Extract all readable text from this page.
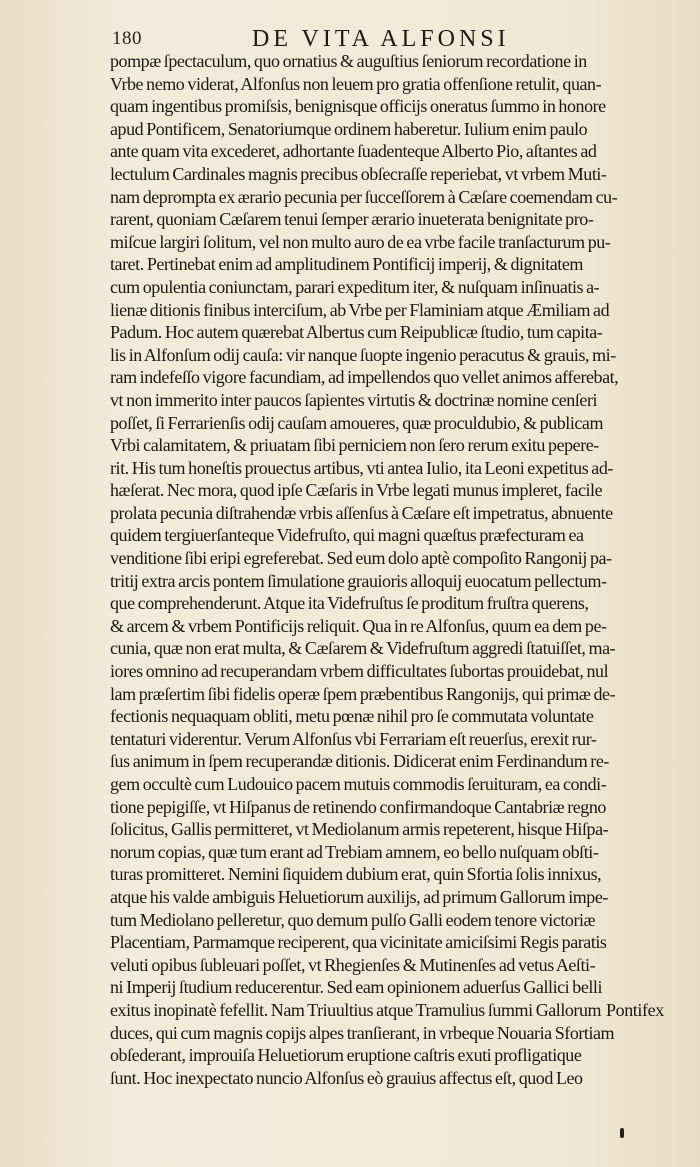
180	DE VITA ALFONSI
pompæ ſpectaculum, quo ornatius & auguſtius ſeniorum recordatione in
Vrbe nemo viderat, Alfonſus non leuem pro gratia offenſione retulit, quan-
quam ingentibus promiſsis, benignisque officijs oneratus ſummo in honore
apud Pontificem, Senatoriumque ordinem haberetur. Iulium enim paulo
ante quam vita excederet, adhortante ſuadenteque Alberto Pio, aſtantes ad
lectulum Cardinales magnis precibus obſecraſſe reperiebat, vt vrbem Muti-
nam deprompta ex ærario pecunia per ſucceſſorem à Cæſare coemendam cu-
rarent, quoniam Cæſarem tenui ſemper ærario inueterata benignitate pro-
miſcue largiri ſolitum, vel non multo auro de ea vrbe facile tranſacturum pu-
taret. Pertinebat enim ad amplitudinem Pontificij imperij, & dignitatem
cum opulentia coniunctam, parari expeditum iter, & nuſquam inſinuatis a-
lienæ ditionis finibus interciſum, ab Vrbe per Flaminiam atque Æmiliam ad
Padum. Hoc autem quærebat Albertus cum Reipublicæ ſtudio, tum capita-
lis in Alfonſum odij cauſa: vir nanque ſuopte ingenio peracutus & grauis, mi-
ram indefeſſo vigore facundiam, ad impellendos quo vellet animos afferebat,
vt non immerito inter paucos ſapientes virtutis & doctrinæ nomine cenſeri
poſſet, ſi Ferrarienſis odij cauſam amoueres, quæ proculdubio, & publicam
Vrbi calamitatem, & priuatam ſibi perniciem non ſero rerum exitu pepere-
rit. His tum honeſtis prouectus artibus, vti antea Iulio, ita Leoni expetitus ad-
hæſerat. Nec mora, quod ipſe Cæſaris in Vrbe legati munus impleret, facile
prolata pecunia diſtrahendæ vrbis aſſenſus à Cæſare eſt impetratus, abnuente
quidem tergiuerſanteque Videfruſto, qui magni quæſtus præfecturam ea
venditione ſibi eripi egreferebat. Sed eum dolo aptè compoſito Rangonij pa-
tritij extra arcis pontem ſimulatione grauioris alloquij euocatum pellectum-
que comprehenderunt. Atque ita Videfruſtus ſe proditum fruſtra querens,
& arcem & vrbem Pontificijs reliquit. Qua in re Alfonſus, quum ea dem pe-
cunia, quæ non erat multa, & Cæſarem & Videfruſtum aggredi ſtatuiſſet, ma-
iores omnino ad recuperandam vrbem difficultates ſubortas prouidebat, nul
lam præſertim ſibi fidelis operæ ſpem præbentibus Rangonijs, qui primæ de-
fectionis nequaquam obliti, metu pœnæ nihil pro ſe commutata voluntate
tentaturi viderentur. Verum Alfonſus vbi Ferrariam eſt reuerſus, erexit rur-
ſus animum in ſpem recuperandæ ditionis. Didicerat enim Ferdinandum re-
gem occultè cum Ludouico pacem mutuis commodis ſeruituram, ea condi-
tione pepigiſſe, vt Hiſpanus de retinendo confirmandoque Cantabriæ regno
ſolicitus, Gallis permitteret, vt Mediolanum armis repeterent, hisque Hiſpa-
norum copias, quæ tum erant ad Trebiam amnem, eo bello nuſquam obſti-
turas promitteret. Nemini ſiquidem dubium erat, quin Sfortia ſolis innixus,
atque his valde ambiguis Heluetiorum auxilijs, ad primum Gallorum impe-
tum Mediolano pelleretur, quo demum pulſo Galli eodem tenore victoriæ
Placentiam, Parmamque reciperent, qua vicinitate amiciſsimi Regis paratis
veluti opibus ſubleuari poſſet, vt Rhegienſes & Mutinenſes ad vetus Aeſti-
ni Imperij ſtudium reducerentur. Sed eam opinionem aduerſus Gallici belli
exitus inopinatè fefellit. Nam Triuultius atque Tramulius ſummi Gallorum
duces, qui cum magnis copijs alpes tranſierant, in vrbeque Nouaria Sfortiam
obſederant, improuiſa Heluetiorum eruptione caſtris exuti profligatique
ſunt. Hoc inexpectato nuncio Alfonſus eò grauius affectus eſt, quod Leo
Pontifex
